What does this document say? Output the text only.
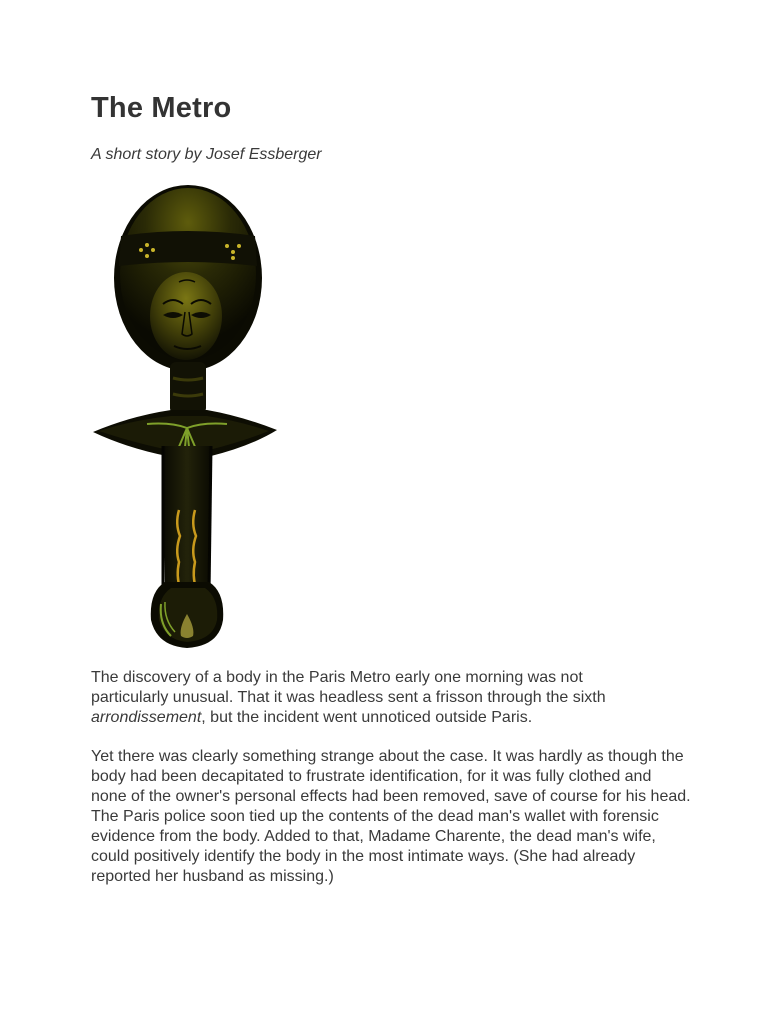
The Metro

A short story by Josef Essberger

The discovery of a body in the Paris Metro early one morning was not particularly unusual. That it was headless sent a frisson through the sixth arrondissement, but the incident went unnoticed outside Paris.

Yet there was clearly something strange about the case. It was hardly as though the body had been decapitated to frustrate identification, for it was fully clothed and none of the owner's personal effects had been removed, save of course for his head. The Paris police soon tied up the contents of the dead man's wallet with forensic evidence from the body. Added to that, Madame Charente, the dead man's wife, could positively identify the body in the most intimate ways. (She had already reported her husband as missing.)
